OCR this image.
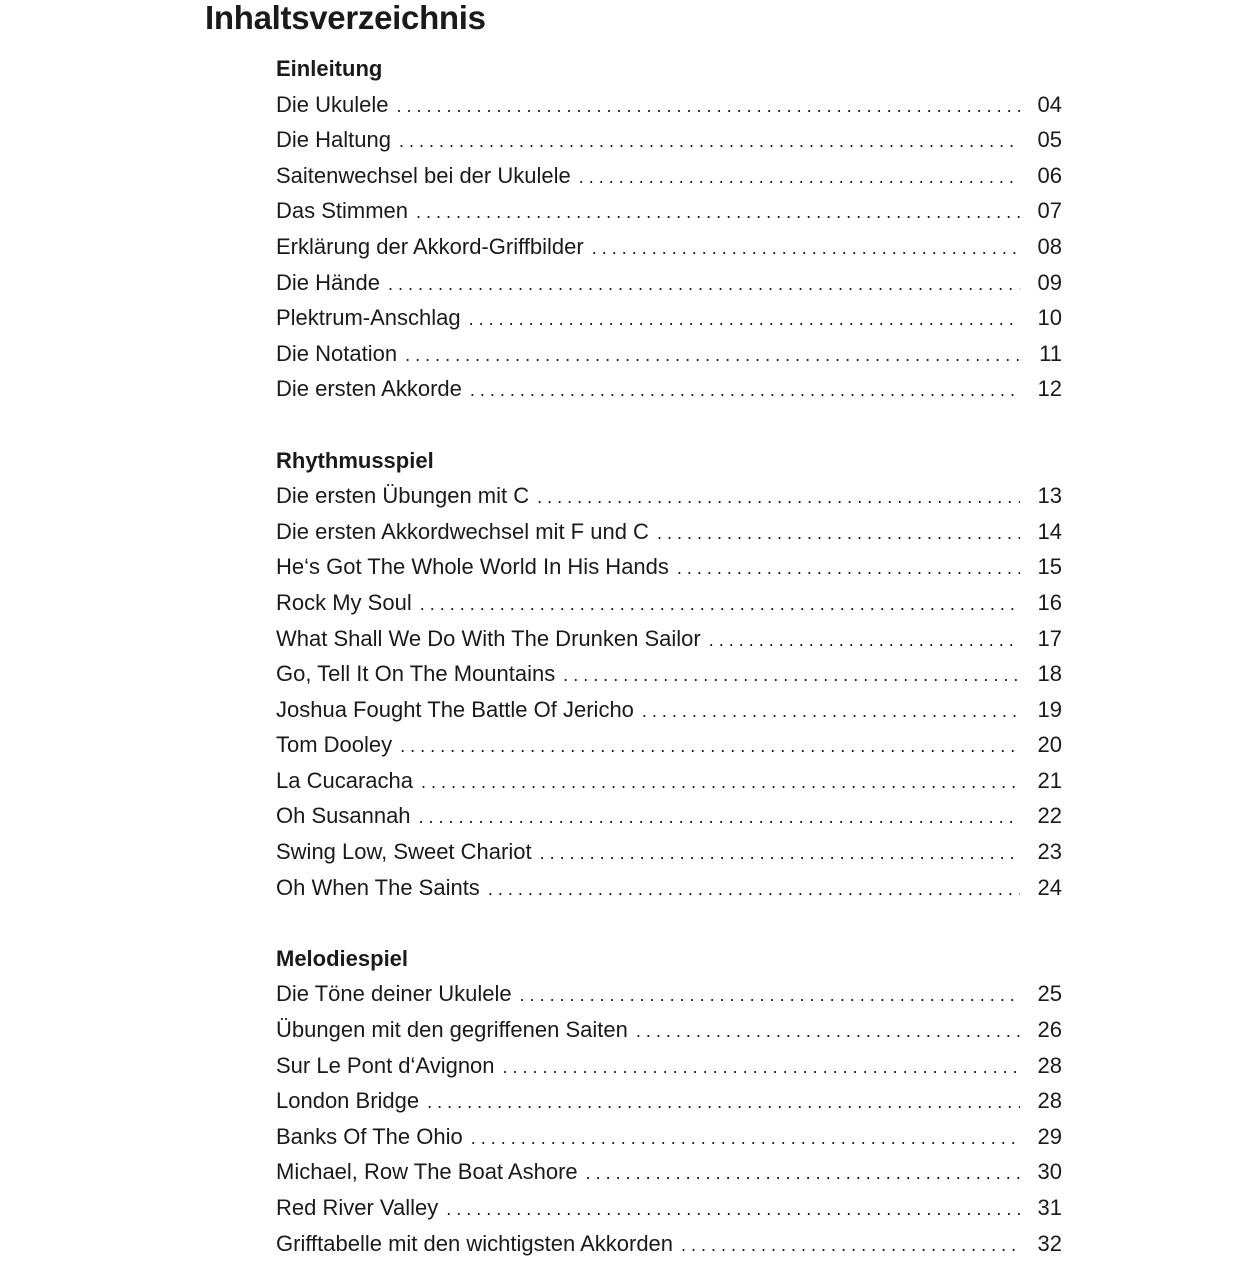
Inhaltsverzeichnis
Einleitung
Die Ukulele . . .	04
Die Haltung . . .	05
Saitenwechsel bei der Ukulele . . .	06
Das Stimmen . . .	07
Erklärung der Akkord-Griffbilder . . .	08
Die Hände . . .	09
Plektrum-Anschlag . . .	10
Die Notation . . .	11
Die ersten Akkorde . . .	12
Rhythmusspiel
Die ersten Übungen mit C . . .	13
Die ersten Akkordwechsel mit F und C . . .	14
He‘s Got The Whole World In His Hands . . .	15
Rock My Soul . . .	16
What Shall We Do With The Drunken Sailor . . .	17
Go, Tell It On The Mountains . . .	18
Joshua Fought The Battle Of Jericho . . .	19
Tom Dooley . . .	20
La Cucaracha . . .	21
Oh Susannah . . .	22
Swing Low, Sweet Chariot . . .	23
Oh When The Saints . . .	24
Melodiespiel
Die Töne deiner Ukulele . . .	25
Übungen mit den gegriffenen Saiten . . .	26
Sur Le Pont d‘Avignon . . .	28
London Bridge . . .	28
Banks Of The Ohio . . .	29
Michael, Row The Boat Ashore . . .	30
Red River Valley . . .	31
Grifftabelle mit den wichtigsten Akkorden . . .	32
